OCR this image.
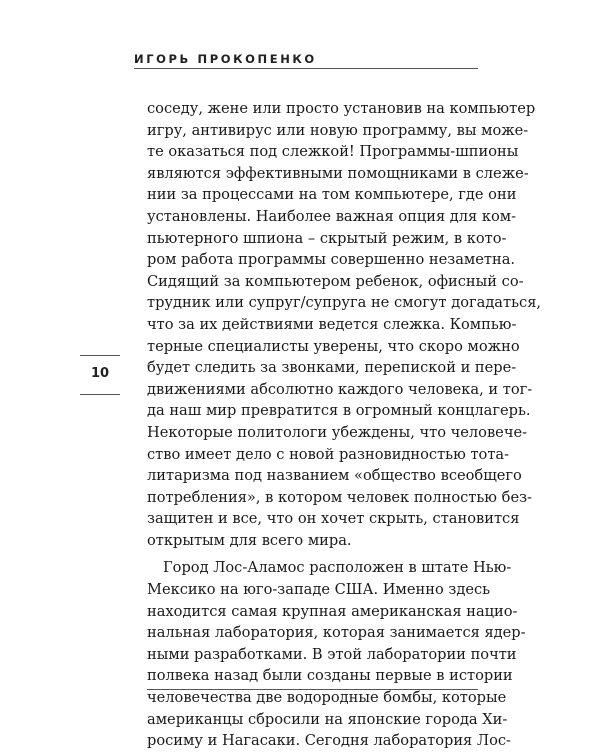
ИГОРЬ ПРОКОПЕНКО
10
соседу, жене или просто установив на компьютер
игру, антивирус или новую программу, вы може-
те оказаться под слежкой! Программы-шпионы
являются эффективными помощниками в слеже-
нии за процессами на том компьютере, где они
установлены. Наиболее важная опция для ком-
пьютерного шпиона – скрытый режим, в кото-
ром работа программы совершенно незаметна.
Сидящий за компьютером ребенок, офисный со-
трудник или супруг/супруга не смогут догадаться,
что за их действиями ведется слежка. Компью-
терные специалисты уверены, что скоро можно
будет следить за звонками, перепиской и пере-
движениями абсолютно каждого человека, и тог-
да наш мир превратится в огромный концлагерь.
Некоторые политологи убеждены, что человече-
ство имеет дело с новой разновидностью тота-
литаризма под названием «общество всеобщего
потребления», в котором человек полностью без-
защитен и все, что он хочет скрыть, становится
открытым для всего мира.
Город Лос-Аламос расположен в штате Нью-
Мексико на юго-западе США. Именно здесь
находится самая крупная американская нацио-
нальная лаборатория, которая занимается ядер-
ными разработками. В этой лаборатории почти
полвека назад были созданы первые в истории
человечества две водородные бомбы, которые
американцы сбросили на японские города Хи-
росиму и Нагасаки. Сегодня лаборатория Лос-
